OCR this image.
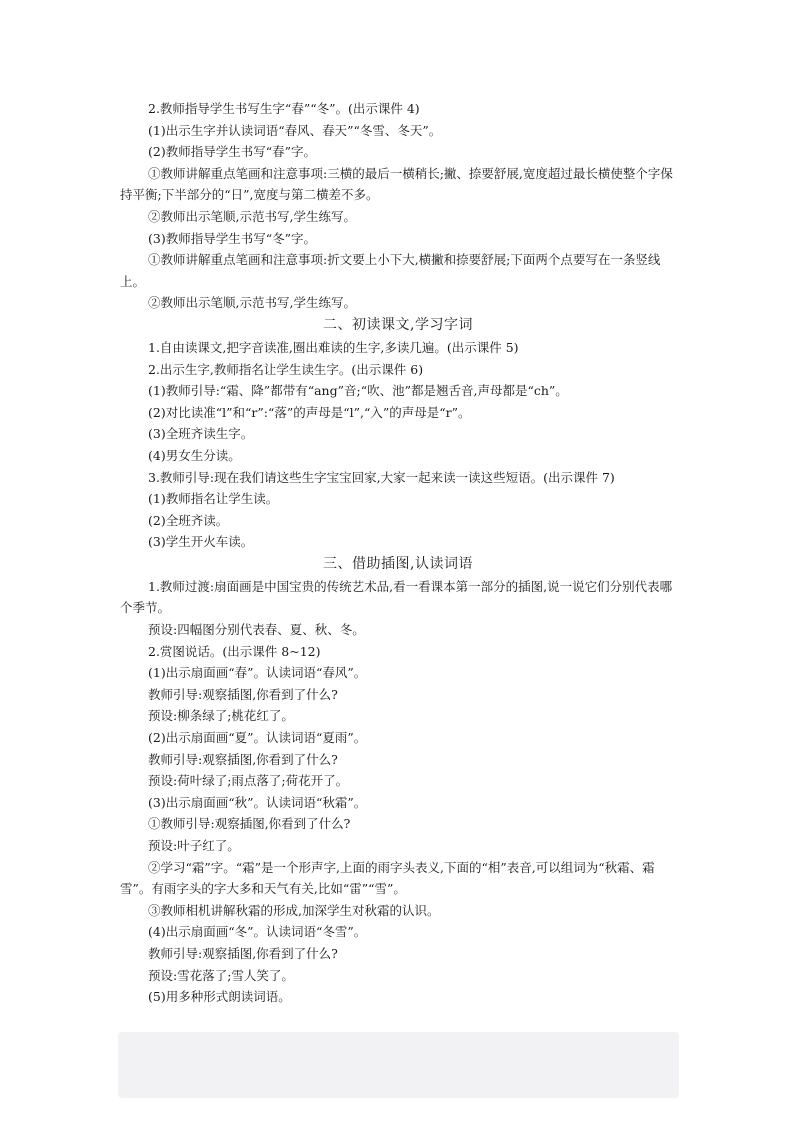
2.教师指导学生书写生字“春”“冬”。(出示课件 4)
(1)出示生字并认读词语“春风、春天”“冬雪、冬天”。
(2)教师指导学生书写“春”字。
①教师讲解重点笔画和注意事项:三横的最后一横稍长;撇、捺要舒展,宽度超过最长横使整个字保持平衡;下半部分的“日”,宽度与第二横差不多。
②教师出示笔顺,示范书写,学生练写。
(3)教师指导学生书写“冬”字。
①教师讲解重点笔画和注意事项:折文要上小下大,横撇和捺要舒展;下面两个点要写在一条竖线上。
②教师出示笔顺,示范书写,学生练写。
二、初读课文,学习字词
1.自由读课文,把字音读准,圈出难读的生字,多读几遍。(出示课件 5)
2.出示生字,教师指名让学生读生字。(出示课件 6)
(1)教师引导:“霜、降”都带有“ang”音;“吹、池”都是翘舌音,声母都是“ch”。
(2)对比读准“l”和“r”:“落”的声母是“l”,“入”的声母是“r”。
(3)全班齐读生字。
(4)男女生分读。
3.教师引导:现在我们请这些生字宝宝回家,大家一起来读一读这些短语。(出示课件 7)
(1)教师指名让学生读。
(2)全班齐读。
(3)学生开火车读。
三、借助插图,认读词语
1.教师过渡:扇面画是中国宝贵的传统艺术品,看一看课本第一部分的插图,说一说它们分别代表哪个季节。
预设:四幅图分别代表春、夏、秋、冬。
2.赏图说话。(出示课件 8~12)
(1)出示扇面画“春”。认读词语“春风”。
教师引导:观察插图,你看到了什么?
预设:柳条绿了;桃花红了。
(2)出示扇面画“夏”。认读词语“夏雨”。
教师引导:观察插图,你看到了什么?
预设:荷叶绿了;雨点落了;荷花开了。
(3)出示扇面画“秋”。认读词语“秋霜”。
①教师引导:观察插图,你看到了什么?
预设:叶子红了。
②学习“霜”字。“霜”是一个形声字,上面的雨字头表义,下面的“相”表音,可以组词为“秋霜、霜雪”。有雨字头的字大多和天气有关,比如“雷”“雪”。
③教师相机讲解秋霜的形成,加深学生对秋霜的认识。
(4)出示扇面画“冬”。认读词语“冬雪”。
教师引导:观察插图,你看到了什么?
预设:雪花落了;雪人笑了。
(5)用多种形式朗读词语。
